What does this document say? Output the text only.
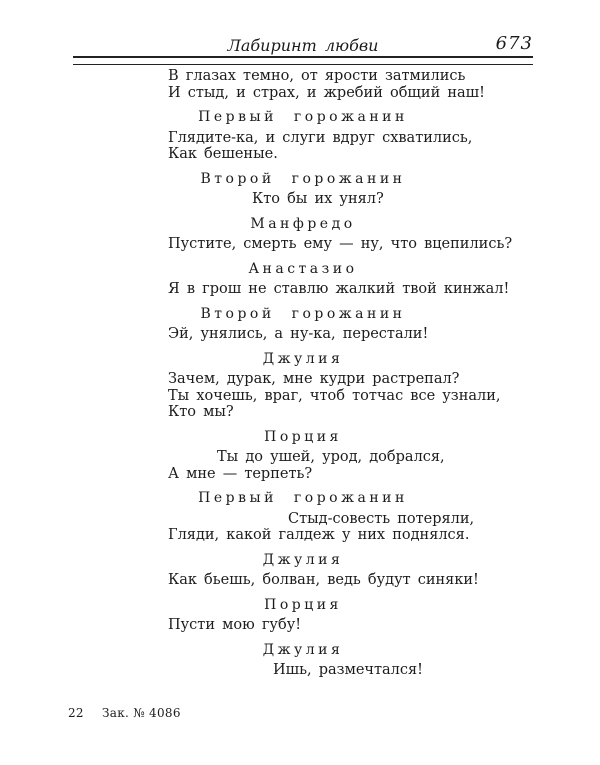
Лабиринт любви	673
В глазах темно, от ярости затмились
И стыд, и страх, и жребий общий наш!
Первый горожанин
Глядите-ка, и слуги вдруг схватились,
Как бешеные.
Второй горожанин
Кто бы их унял?
Манфредо
Пустите, смерть ему — ну, что вцепились?
Анастазио
Я в грош не ставлю жалкий твой кинжал!
Второй горожанин
Эй, унялись, а ну-ка, перестали!
Джулия
Зачем, дурак, мне кудри растрепал?
Ты хочешь, враг, чтоб тотчас все узнали,
Кто мы?
Порция
Ты до ушей, урод, добрался,
А мне — терпеть?
Первый горожанин
Стыд-совесть потеряли,
Гляди, какой галдеж у них поднялся.
Джулия
Как бьешь, болван, ведь будут синяки!
Порция
Пусти мою губу!
Джулия
Ишь, размечтался!
22 Зак. № 4086
